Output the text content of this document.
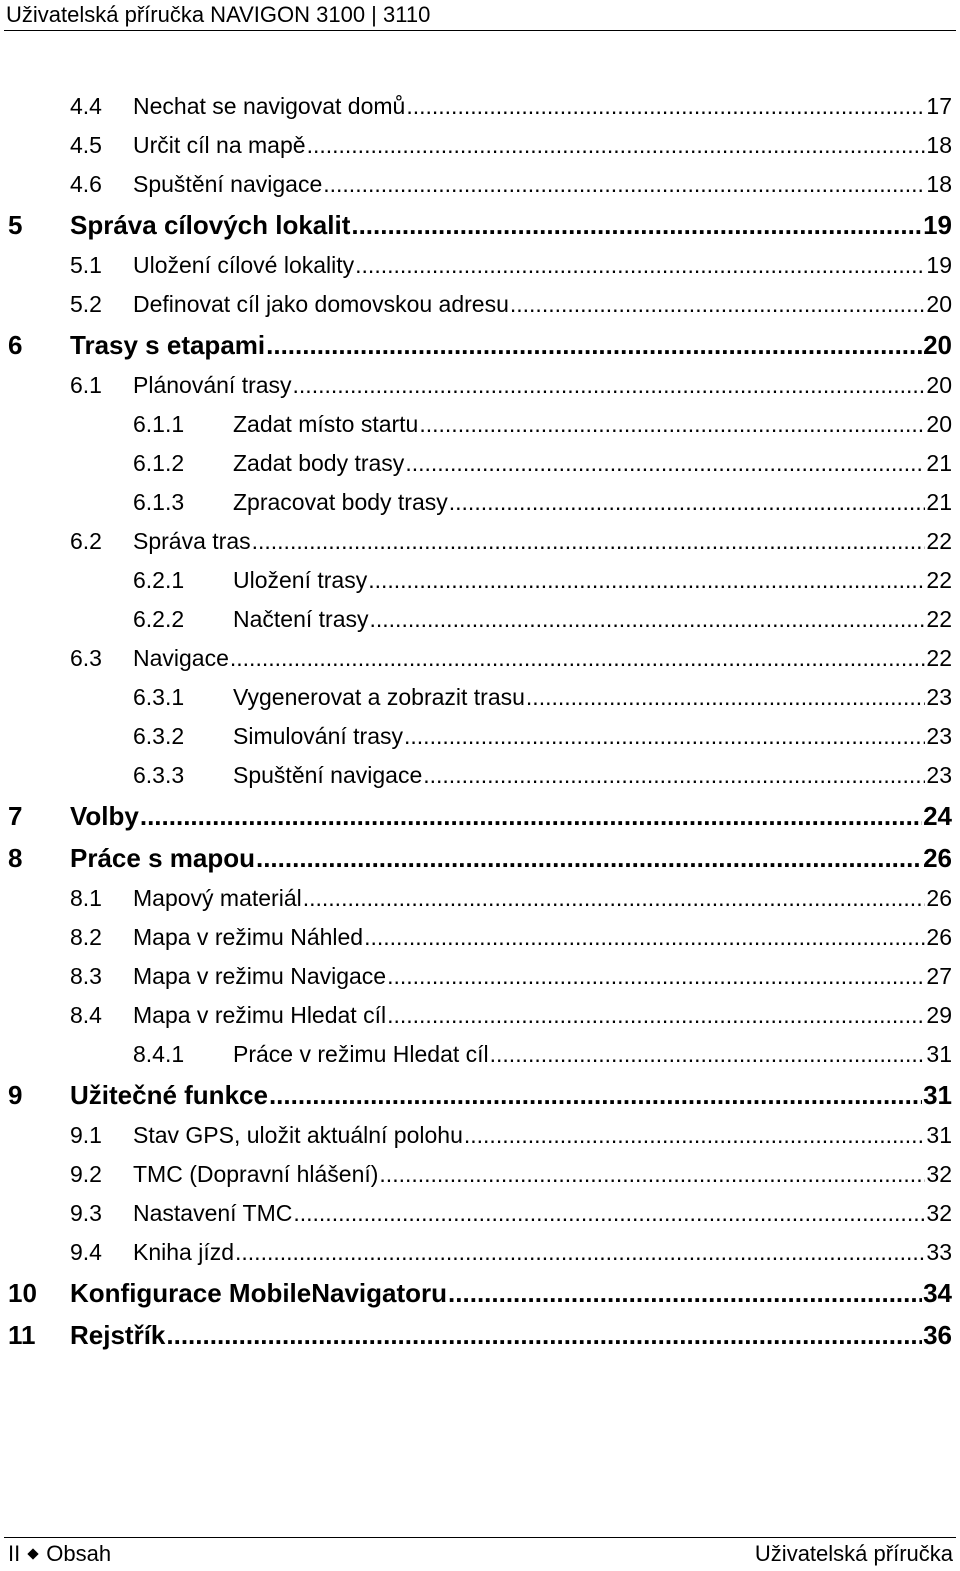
Uživatelská příručka NAVIGON 3100 | 3110
4.4	Nechat se navigovat domů .....	17
4.5	Určit cíl na mapě .....	18
4.6	Spuštění navigace .....	18
5	Správa cílových lokalit .....	19
5.1	Uložení cílové lokality .....	19
5.2	Definovat cíl jako domovskou adresu .....	20
6	Trasy s etapami .....	20
6.1	Plánování trasy .....	20
6.1.1	Zadat místo startu .....	20
6.1.2	Zadat body trasy .....	21
6.1.3	Zpracovat body trasy .....	21
6.2	Správa tras .....	22
6.2.1	Uložení trasy .....	22
6.2.2	Načtení trasy .....	22
6.3	Navigace .....	22
6.3.1	Vygenerovat a zobrazit trasu .....	23
6.3.2	Simulování trasy .....	23
6.3.3	Spuštění navigace .....	23
7	Volby .....	24
8	Práce s mapou .....	26
8.1	Mapový materiál .....	26
8.2	Mapa v režimu Náhled .....	26
8.3	Mapa v režimu Navigace .....	27
8.4	Mapa v režimu Hledat cíl .....	29
8.4.1	Práce v režimu Hledat cíl .....	31
9	Užitečné funkce .....	31
9.1	Stav GPS, uložit aktuální polohu .....	31
9.2	TMC (Dopravní hlášení) .....	32
9.3	Nastavení TMC .....	32
9.4	Kniha jízd .....	33
10	Konfigurace MobileNavigatoru .....	34
11	Rejstřík .....	36
II Obsah	Uživatelská příručka
